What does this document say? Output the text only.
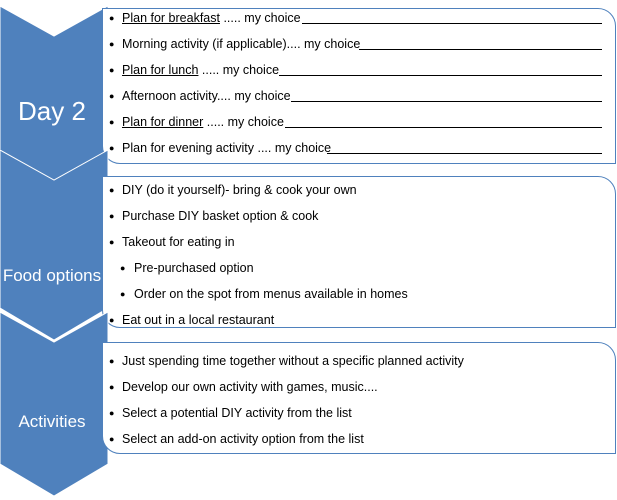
Day 2
● Plan for breakfast ..... my choice
● Morning activity (if applicable).... my choice
● Plan for lunch ..... my choice
● Afternoon activity.... my choice
● Plan for dinner ..... my choice
● Plan for evening activity .... my choice
Food options
● DIY (do it yourself)- bring & cook your own
● Purchase DIY basket option & cook
● Takeout for eating in
● Pre-purchased option
● Order on the spot from menus available in homes
● Eat out in a local restaurant
Activities
● Just spending time together without a specific planned activity
● Develop our own activity with games, music....
● Select a potential DIY activity from the list
● Select an add-on activity option from the list
